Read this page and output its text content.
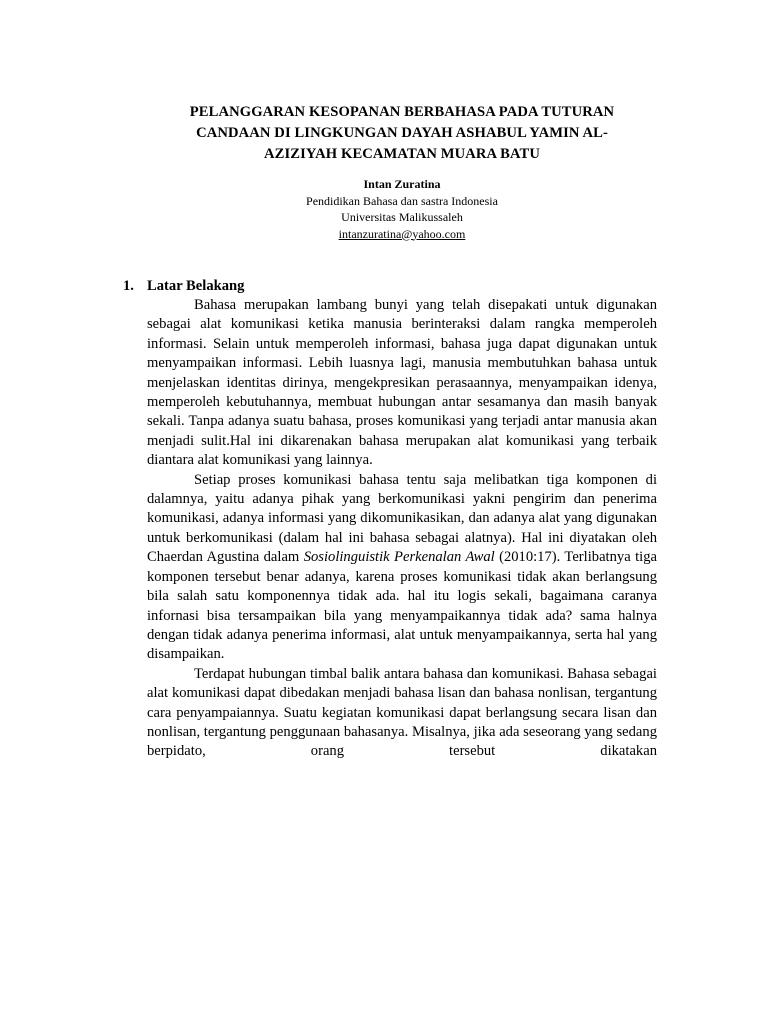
PELANGGARAN KESOPANAN BERBAHASA PADA TUTURAN
CANDAAN DI LINGKUNGAN DAYAH ASHABUL YAMIN AL-
AZIZIYAH KECAMATAN MUARA BATU
Intan Zuratina
Pendidikan Bahasa dan sastra Indonesia
Universitas Malikussaleh
intanzuratina@yahoo.com
1. Latar Belakang

Bahasa merupakan lambang bunyi yang telah disepakati untuk digunakan sebagai alat komunikasi ketika manusia berinteraksi dalam rangka memperoleh informasi. Selain untuk memperoleh informasi, bahasa juga dapat digunakan untuk menyampaikan informasi. Lebih luasnya lagi, manusia membutuhkan bahasa untuk menjelaskan identitas dirinya, mengekpresikan perasaannya, menyampaikan idenya, memperoleh kebutuhannya, membuat hubungan antar sesamanya dan masih banyak sekali. Tanpa adanya suatu bahasa, proses komunikasi yang terjadi antar manusia akan menjadi sulit.Hal ini dikarenakan bahasa merupakan alat komunikasi yang terbaik diantara alat komunikasi yang lainnya.

Setiap proses komunikasi bahasa tentu saja melibatkan tiga komponen di dalamnya, yaitu adanya pihak yang berkomunikasi yakni pengirim dan penerima komunikasi, adanya informasi yang dikomunikasikan, dan adanya alat yang digunakan untuk berkomunikasi (dalam hal ini bahasa sebagai alatnya). Hal ini diyatakan oleh Chaerdan Agustina dalam Sosiolinguistik Perkenalan Awal (2010:17). Terlibatnya tiga komponen tersebut benar adanya, karena proses komunikasi tidak akan berlangsung bila salah satu komponennya tidak ada. hal itu logis sekali, bagaimana caranya infornasi bisa tersampaikan bila yang menyampaikannya tidak ada? sama halnya dengan tidak adanya penerima informasi, alat untuk menyampaikannya, serta hal yang disampaikan.

Terdapat hubungan timbal balik antara bahasa dan komunikasi. Bahasa sebagai alat komunikasi dapat dibedakan menjadi bahasa lisan dan bahasa nonlisan, tergantung cara penyampaiannya. Suatu kegiatan komunikasi dapat berlangsung secara lisan dan nonlisan, tergantung penggunaan bahasanya. Misalnya, jika ada seseorang yang sedang berpidato, orang tersebut dikatakan
